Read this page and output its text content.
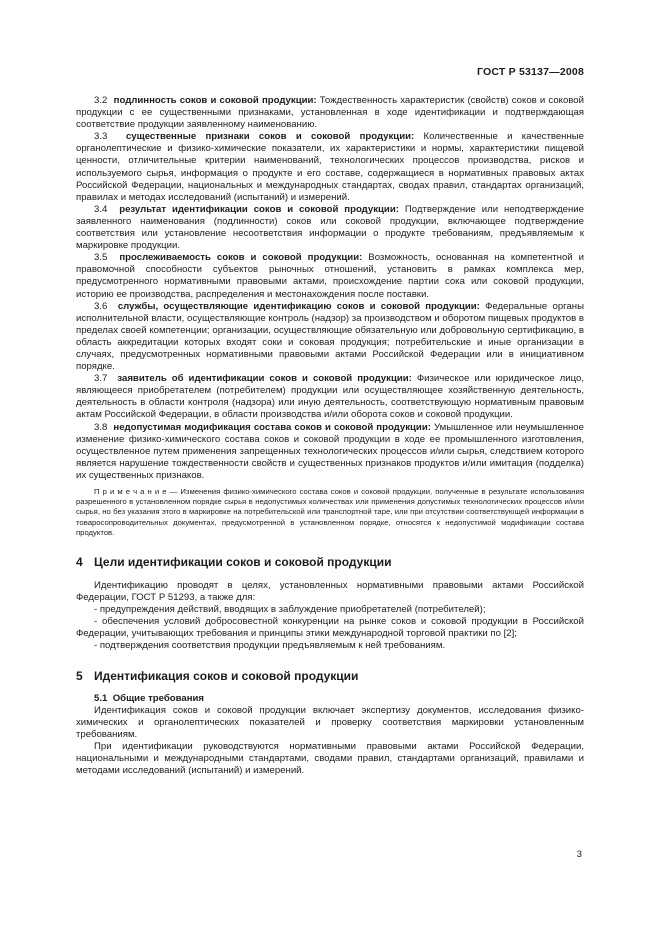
ГОСТ Р 53137—2008

3.2 подлинность соков и соковой продукции: Тождественность характеристик (свойств) соков и соковой продукции с ее существенными признаками, установленная в ходе идентификации и подтверждающая соответствие продукции заявленному наименованию.

3.3 существенные признаки соков и соковой продукции: Количественные и качественные органолептические и физико-химические показатели, их характеристики и нормы, характеристики пищевой ценности, отличительные критерии наименований, технологических процессов производства, рисков и используемого сырья, информация о продукте и его составе, содержащиеся в нормативных правовых актах Российской Федерации, национальных и международных стандартах, сводах правил, стандартах организаций, правилах и методах исследований (испытаний) и измерений.

3.4 результат идентификации соков и соковой продукции: Подтверждение или неподтверждение заявленного наименования (подлинности) соков или соковой продукции, включающее подтверждение соответствия или установление несоответствия информации о продукте требованиям, предъявляемым к маркировке продукции.

3.5 прослеживаемость соков и соковой продукции: Возможность, основанная на компетентной и правомочной способности субъектов рыночных отношений, установить в рамках комплекса мер, предусмотренного нормативными правовыми актами, происхождение партии сока или соковой продукции, историю ее производства, распределения и местонахождения после поставки.

3.6 службы, осуществляющие идентификацию соков и соковой продукции: Федеральные органы исполнительной власти, осуществляющие контроль (надзор) за производством и оборотом пищевых продуктов в пределах своей компетенции; организации, осуществляющие обязательную или добровольную сертификацию, в область аккредитации которых входят соки и соковая продукция; потребительские и иные организации в случаях, предусмотренных нормативными правовыми актами Российской Федерации или в инициативном порядке.

3.7 заявитель об идентификации соков и соковой продукции: Физическое или юридическое лицо, являющееся приобретателем (потребителем) продукции или осуществляющее хозяйственную деятельность, деятельность в области контроля (надзора) или иную деятельность, соответствующую нормативным правовым актам Российской Федерации, в области производства и/или оборота соков и соковой продукции.

3.8 недопустимая модификация состава соков и соковой продукции: Умышленное или неумышленное изменение физико-химического состава соков и соковой продукции в ходе ее промышленного изготовления, осуществленное путем применения запрещенных технологических процессов и/или сырья, следствием которого является нарушение тождественности свойств и существенных признаков продуктов и/или имитация (подделка) их существенных признаков.

П р и м е ч а н и е — Изменения физико-химического состава соков и соковой продукции, полученные в результате использования разрешенного в установленном порядке сырья в недопустимых количествах или применения допустимых технологических процессов и/или сырья, но без указания этого в маркировке на потребительской или транспортной таре, или при отсутствии соответствующей информации в товаросопроводительных документах, предусмотренной в установленном порядке, относятся к недопустимой модификации состава продуктов.

4 Цели идентификации соков и соковой продукции

Идентификацию проводят в целях, установленных нормативными правовыми актами Российской Федерации, ГОСТ Р 51293, а также для:

- предупреждения действий, вводящих в заблуждение приобретателей (потребителей);

- обеспечения условий добросовестной конкуренции на рынке соков и соковой продукции в Российской Федерации, учитывающих требования и принципы этики международной торговой практики по [2];

- подтверждения соответствия продукции предъявляемым к ней требованиям.

5 Идентификация соков и соковой продукции

5.1 Общие требования

Идентификация соков и соковой продукции включает экспертизу документов, исследования физико-химических и органолептических показателей и проверку соответствия маркировки установленным требованиям.

При идентификации руководствуются нормативными правовыми актами Российской Федерации, национальными и международными стандартами, сводами правил, стандартами организаций, правилами и методами исследований (испытаний) и измерений.

3
